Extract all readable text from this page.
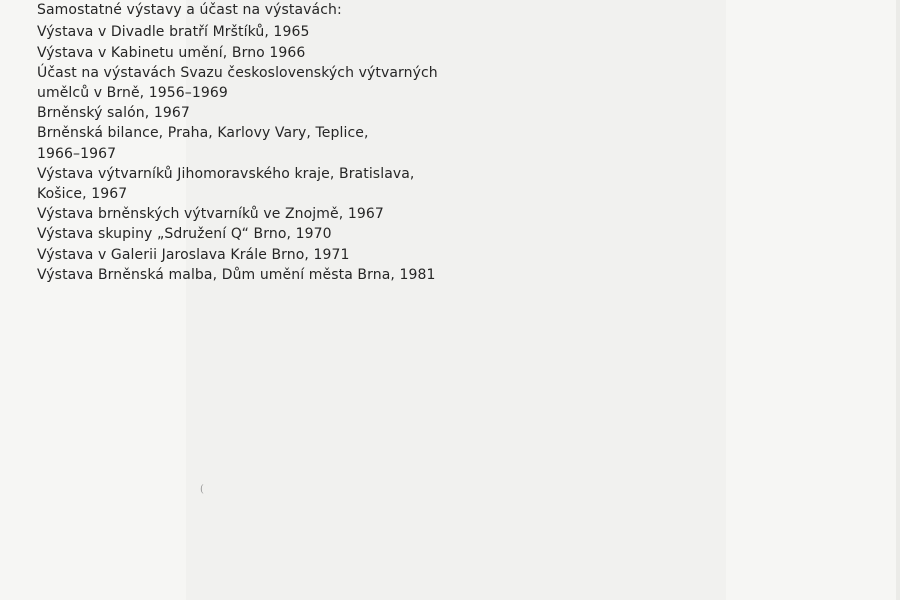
Samostatné výstavy a účast na výstavách:

Výstava v Divadle bratří Mrštíků, 1965

Výstava v Kabinetu umění, Brno 1966

Účast na výstavách Svazu československých výtvarných

umělců v Brně, 1956–1969

Brněnský salón, 1967

Brněnská bilance, Praha, Karlovy Vary, Teplice,

1966–1967

Výstava výtvarníků Jihomoravského kraje, Bratislava,

Košice, 1967

Výstava brněnských výtvarníků ve Znojmě, 1967

Výstava skupiny „Sdružení Q“ Brno, 1970

Výstava v Galerii Jaroslava Krále Brno, 1971

Výstava Brněnská malba, Dům umění města Brna, 1981

(
